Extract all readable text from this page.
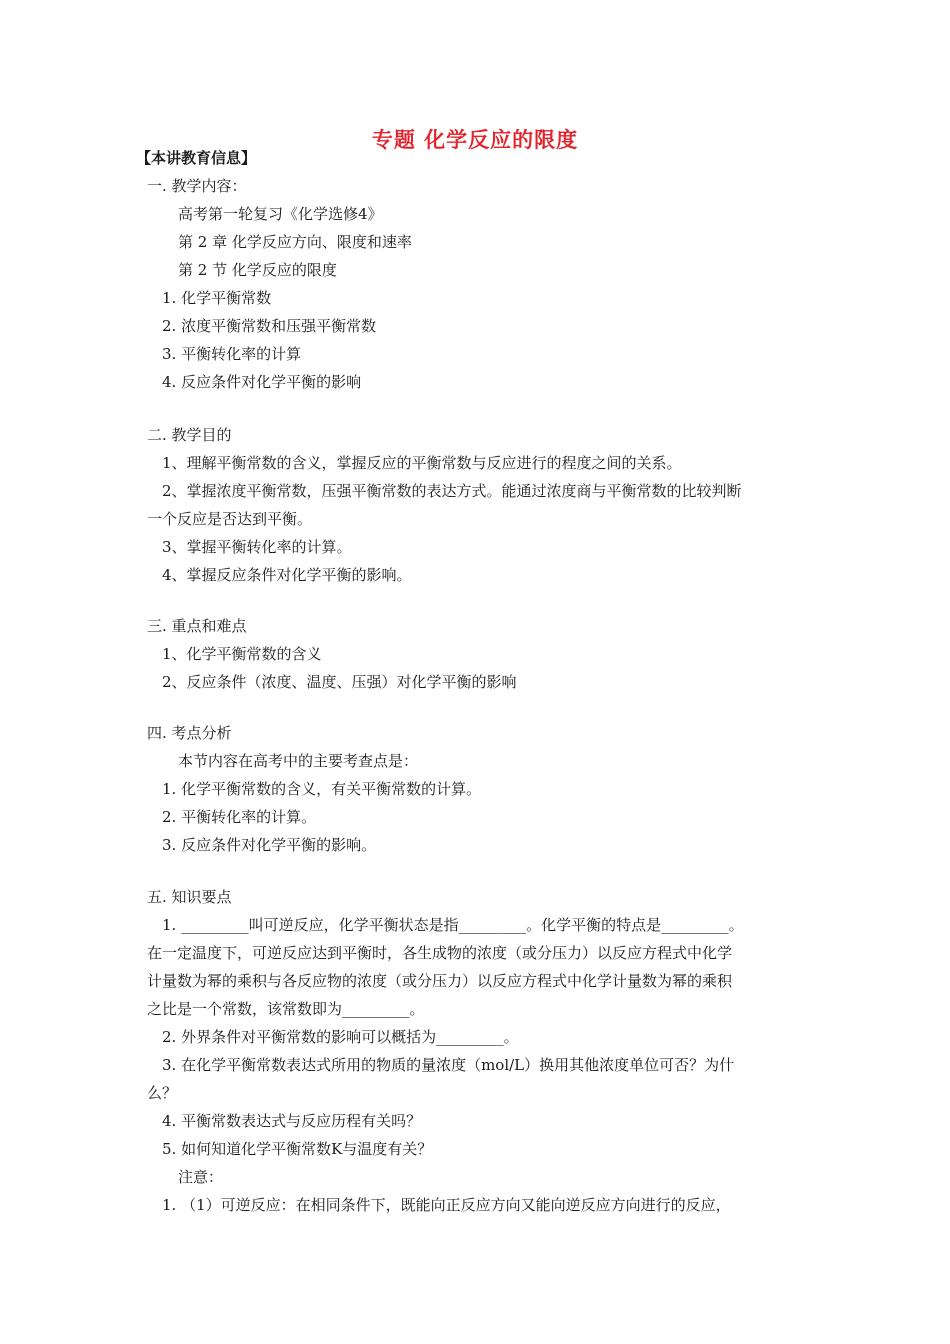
专题 化学反应的限度
【本讲教育信息】
一. 教学内容：
高考第一轮复习《化学选修4》
第 2 章 化学反应方向、限度和速率
第 2 节 化学反应的限度
1. 化学平衡常数
2. 浓度平衡常数和压强平衡常数
3. 平衡转化率的计算
4. 反应条件对化学平衡的影响
二. 教学目的
1、理解平衡常数的含义，掌握反应的平衡常数与反应进行的程度之间的关系。
2、掌握浓度平衡常数，压强平衡常数的表达方式。能通过浓度商与平衡常数的比较判断
一个反应是否达到平衡。
3、掌握平衡转化率的计算。
4、掌握反应条件对化学平衡的影响。
三. 重点和难点
1、化学平衡常数的含义
2、反应条件（浓度、温度、压强）对化学平衡的影响
四. 考点分析
本节内容在高考中的主要考查点是：
1. 化学平衡常数的含义，有关平衡常数的计算。
2. 平衡转化率的计算。
3. 反应条件对化学平衡的影响。
五. 知识要点
1. _________叫可逆反应，化学平衡状态是指_________。化学平衡的特点是_________。
在一定温度下，可逆反应达到平衡时，各生成物的浓度（或分压力）以反应方程式中化学
计量数为幂的乘积与各反应物的浓度（或分压力）以反应方程式中化学计量数为幂的乘积
之比是一个常数，该常数即为_________。
2. 外界条件对平衡常数的影响可以概括为_________。
3. 在化学平衡常数表达式所用的物质的量浓度（mol/L）换用其他浓度单位可否？为什
么？
4. 平衡常数表达式与反应历程有关吗？
5. 如何知道化学平衡常数K与温度有关？
注意：
1. （1）可逆反应：在相同条件下，既能向正反应方向又能向逆反应方向进行的反应，
